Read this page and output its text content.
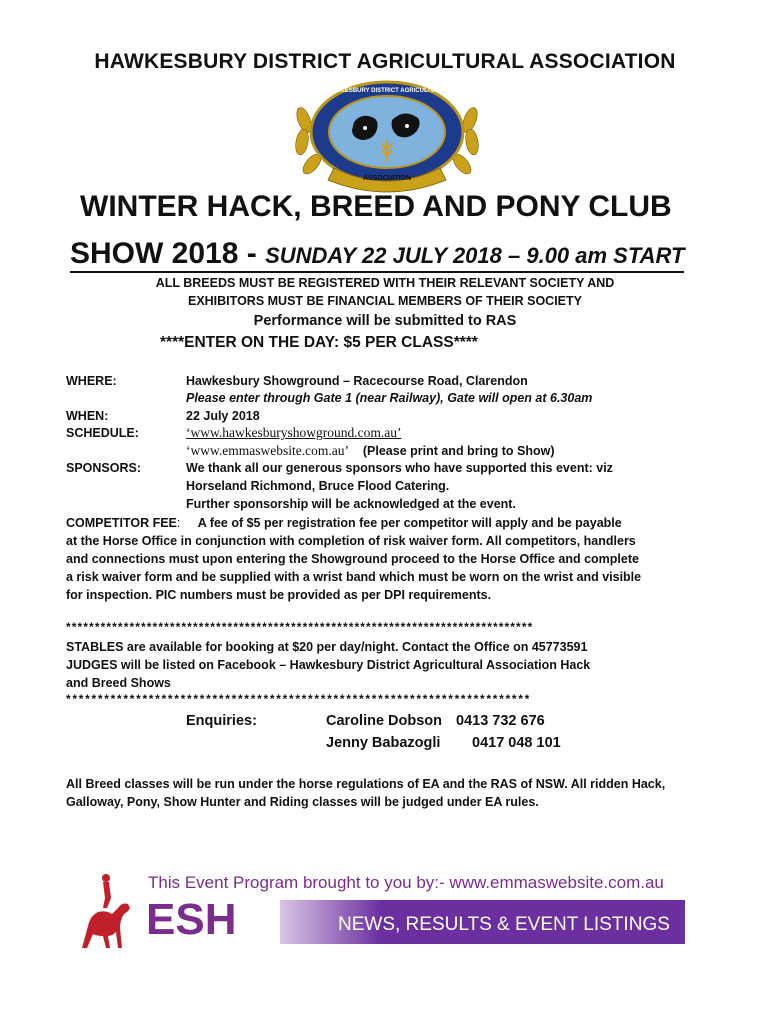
HAWKESBURY DISTRICT AGRICULTURAL ASSOCIATION
ASSOCIATION
HAWKESBURY DISTRICT AGRICULTURAL
WINTER HACK, BREED AND PONY CLUB
SHOW 2018 - SUNDAY 22 JULY 2018 – 9.00 am START
ALL BREEDS MUST BE REGISTERED WITH THEIR RELEVANT SOCIETY AND
EXHIBITORS MUST BE FINANCIAL MEMBERS OF THEIR SOCIETY
Performance will be submitted to RAS
****ENTER ON THE DAY: $5 PER CLASS****
WHERE:	Hawkesbury Showground – Racecourse Road, Clarendon
Please enter through Gate 1 (near Railway), Gate will open at 6.30am
WHEN:	22 July 2018
SCHEDULE:	‘www.hawkesburyshowground.com.au’
‘www.emmaswebsite.com.au’ (Please print and bring to Show)
SPONSORS:	We thank all our generous sponsors who have supported this event: viz
Horseland Richmond, Bruce Flood Catering.
Further sponsorship will be acknowledged at the event.
COMPETITOR FEE: A fee of $5 per registration fee per competitor will apply and be payable
at the Horse Office in conjunction with completion of risk waiver form. All competitors, handlers
and connections must upon entering the Showground proceed to the Horse Office and complete
a risk waiver form and be supplied with a wrist band which must be worn on the wrist and visible
for inspection. PIC numbers must be provided as per DPI requirements.
*********************************************************************************
STABLES are available for booking at $20 per day/night. Contact the Office on 45773591
JUDGES will be listed on Facebook – Hawkesbury District Agricultural Association Hack
and Breed Shows
*************************************************************************
Enquiries:	Caroline Dobson 0413 732 676
Jenny Babazogli 0417 048 101
All Breed classes will be run under the horse regulations of EA and the RAS of NSW. All ridden Hack,
Galloway, Pony, Show Hunter and Riding classes will be judged under EA rules.
This Event Program brought to you by:- www.emmaswebsite.com.au
ESH	NEWS, RESULTS & EVENT LISTINGS
